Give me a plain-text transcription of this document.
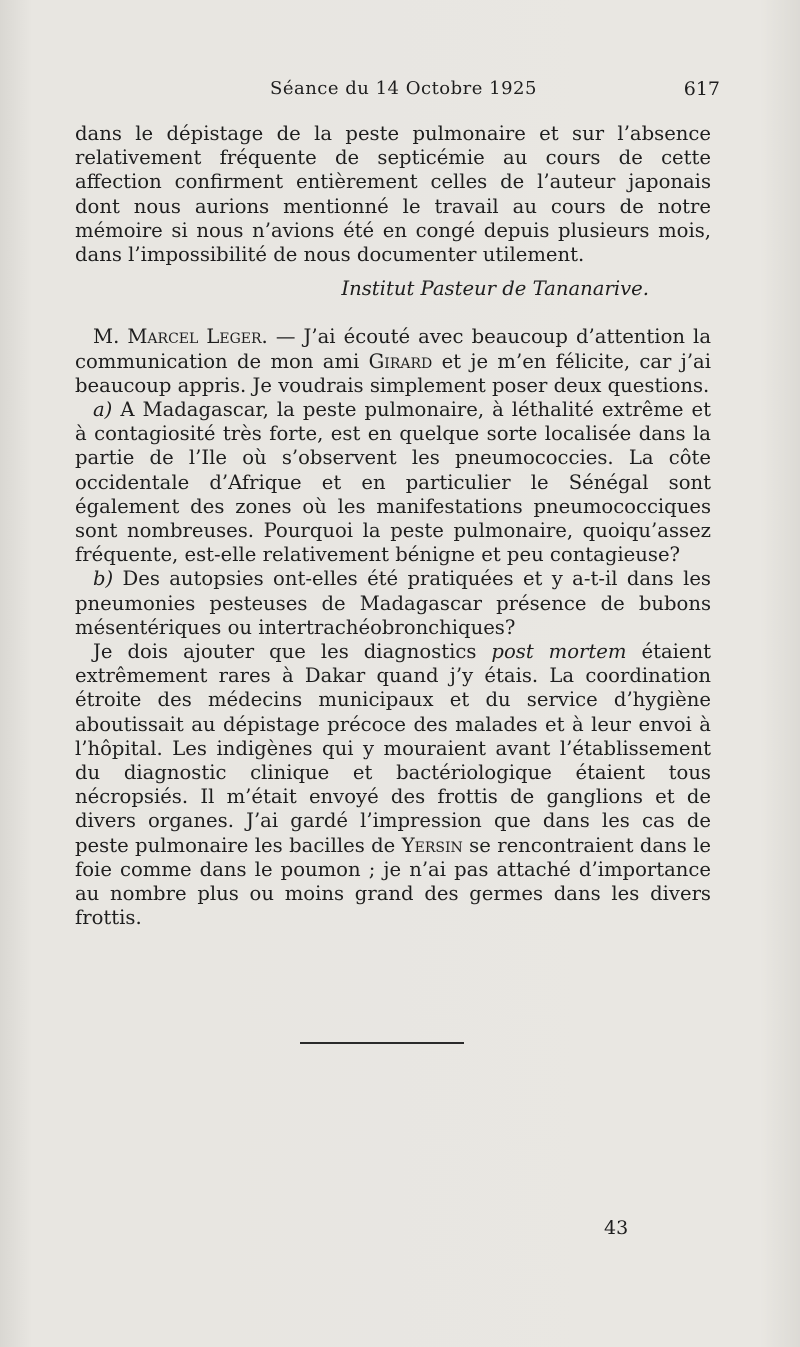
Séance du 14 Octobre 1925	617

dans le dépistage de la peste pulmonaire et sur l’absence relativement fréquente de septicémie au cours de cette affection confirment entièrement celles de l’auteur japonais dont nous aurions mentionné le travail au cours de notre mémoire si nous n’avions été en congé depuis plusieurs mois, dans l’impossibilité de nous documenter utilement.

Institut Pasteur de Tananarive.

M. Marcel Leger. — J’ai écouté avec beaucoup d’attention la communication de mon ami Girard et je m’en félicite, car j’ai beaucoup appris. Je voudrais simplement poser deux questions.

a) A Madagascar, la peste pulmonaire, à léthalité extrême et à contagiosité très forte, est en quelque sorte localisée dans la partie de l’Ile où s’observent les pneumococcies. La côte occidentale d’Afrique et en particulier le Sénégal sont également des zones où les manifestations pneumococciques sont nombreuses. Pourquoi la peste pulmonaire, quoiqu’assez fréquente, est-elle relativement bénigne et peu contagieuse?

b) Des autopsies ont-elles été pratiquées et y a-t-il dans les pneumonies pesteuses de Madagascar présence de bubons mésentériques ou intertrachéobronchiques?

Je dois ajouter que les diagnostics post mortem étaient extrêmement rares à Dakar quand j’y étais. La coordination étroite des médecins municipaux et du service d’hygiène aboutissait au dépistage précoce des malades et à leur envoi à l’hôpital. Les indigènes qui y mouraient avant l’établissement du diagnostic clinique et bactériologique étaient tous nécropsiés. Il m’était envoyé des frottis de ganglions et de divers organes. J’ai gardé l’impression que dans les cas de peste pulmonaire les bacilles de Yersin se rencontraient dans le foie comme dans le poumon ; je n’ai pas attaché d’importance au nombre plus ou moins grand des germes dans les divers frottis.

43
